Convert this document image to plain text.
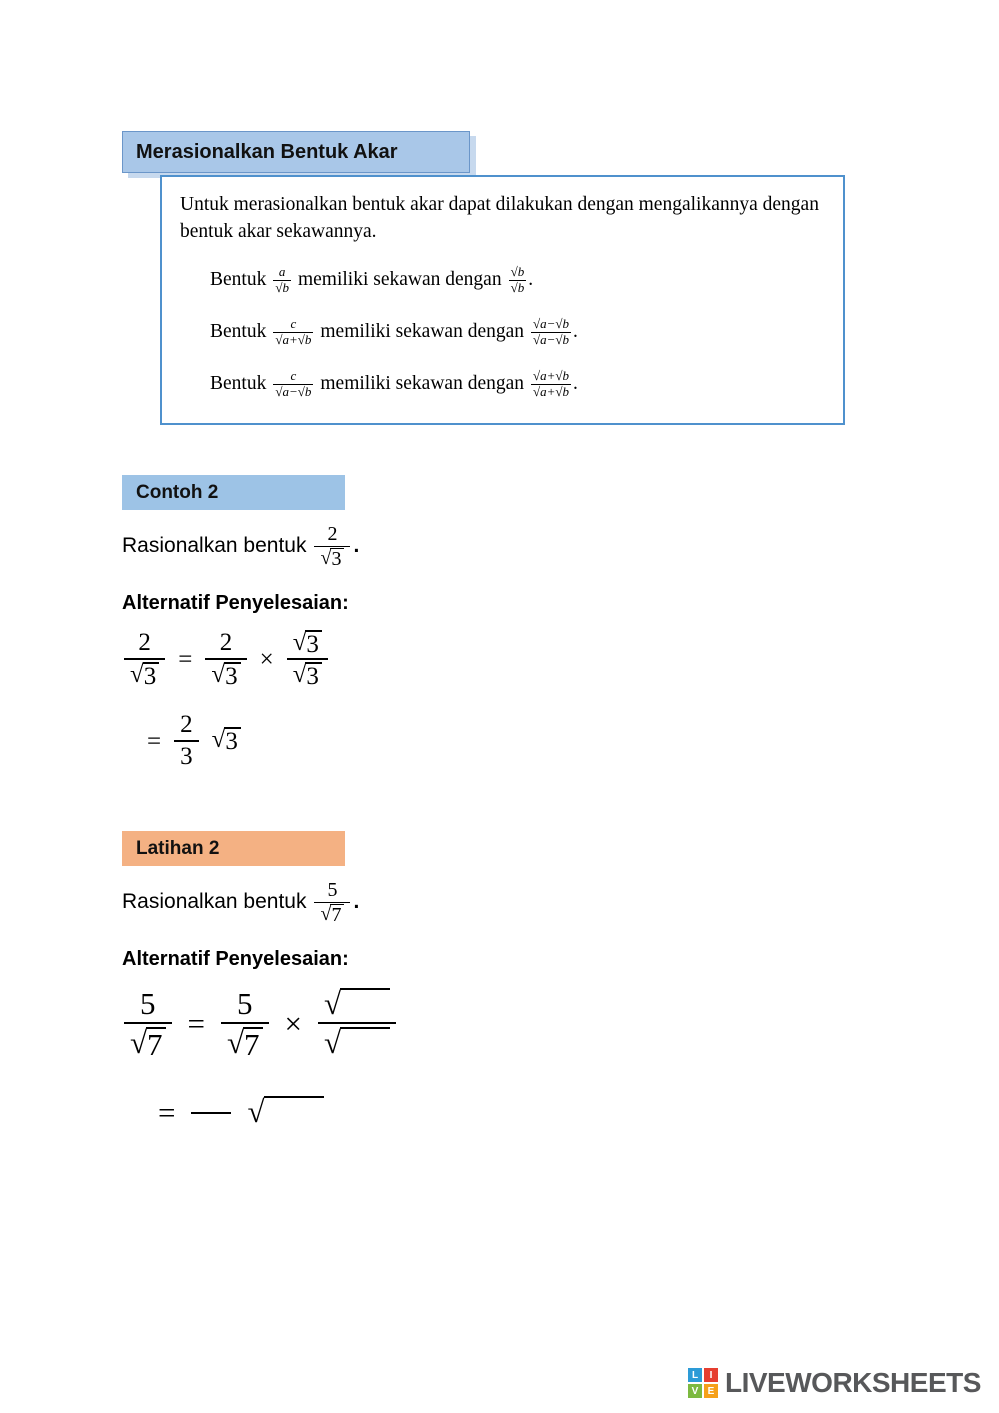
Merasionalkan Bentuk Akar
Untuk merasionalkan bentuk akar dapat dilakukan dengan mengalikannya dengan bentuk akar sekawannya.
Bentuk $\frac{a}{√b}$ memiliki sekawan dengan $\frac{√b}{√b}$ .
Bentuk $\frac{c}{√a+√b}$ memiliki sekawan dengan $\frac{√a-√b}{√a-√b}$ .
Bentuk $\frac{c}{√a-√b}$ memiliki sekawan dengan $\frac{√a+√b}{√a+√b}$ .
Contoh 2
Rasionalkan bentuk 2
√ 3 .
Alternatif Penyelesaian:
2
√ 3 = 2
√ 3 × √ 3
√ 3
= $\frac{2}{3}$ √ 3
Latihan 2
Rasionalkan bentuk 5
√ 7 .
Alternatif Penyelesaian:
5
√ 7 = 5
√ 7 ×
√
√
=
√
L	I
V E LIVEWORKSHEETS
